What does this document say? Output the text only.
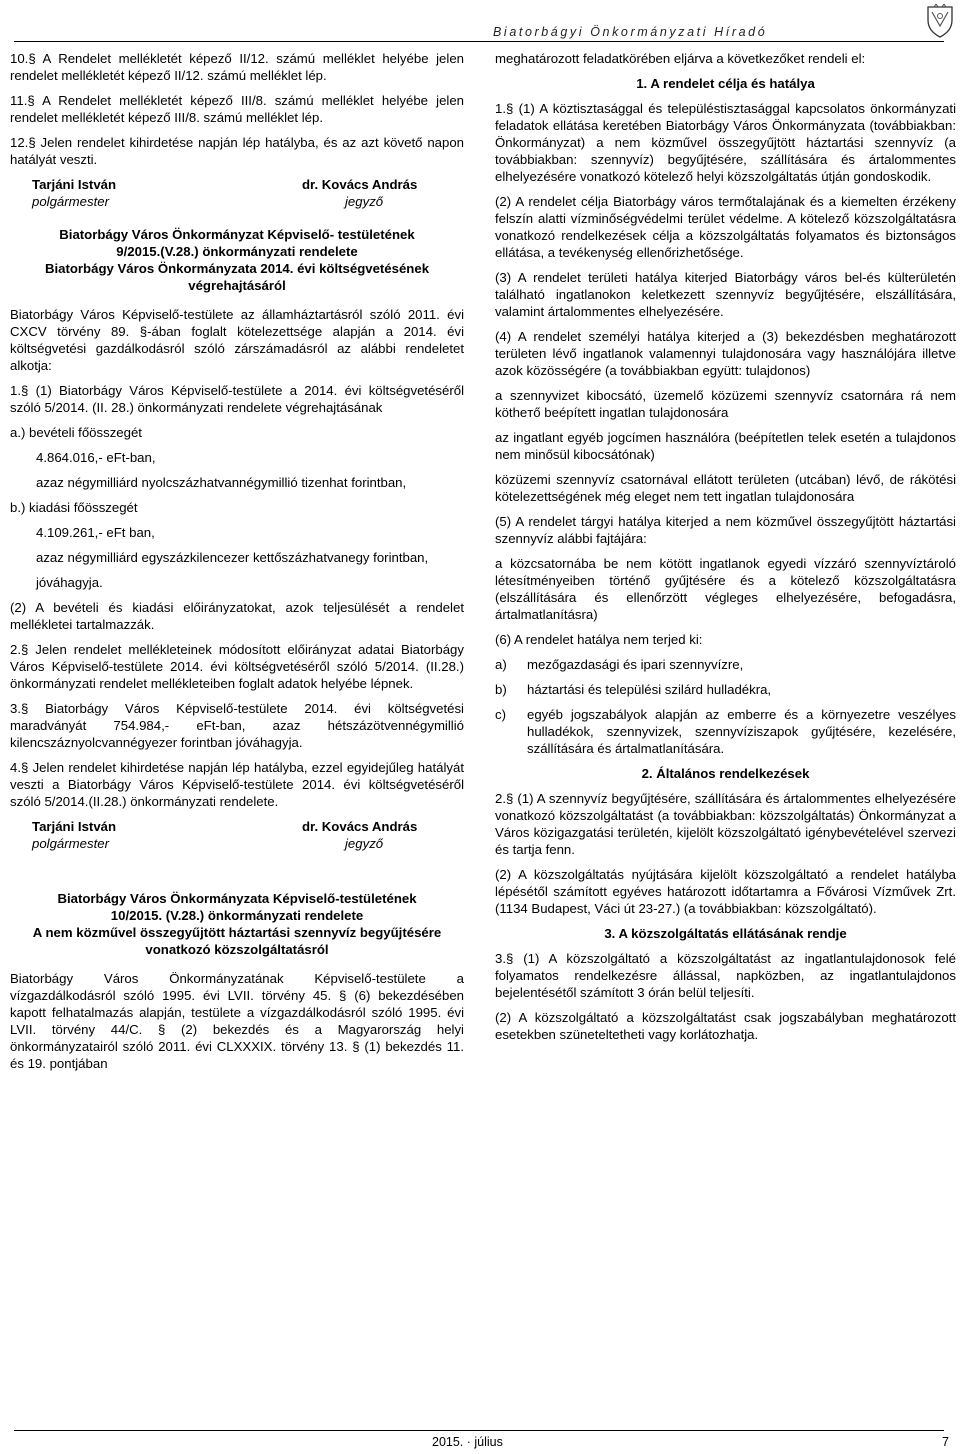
Biatorbágyi Önkormányzati Híradó

10.§ A Rendelet mellékletét képező II/12. számú melléklet helyébe jelen rendelet mellékletét képező II/12. számú melléklet lép.

11.§ A Rendelet mellékletét képező III/8. számú melléklet helyébe jelen rendelet mellékletét képező III/8. számú melléklet lép.

12.§ Jelen rendelet kihirdetése napján lép hatályba, és az azt követő napon hatályát veszti.

Tarjáni István
polgármester
dr. Kovács András
jegyző
Biatorbágy Város Önkormányzat Képviselő- testületének
9/2015.(V.28.) önkormányzati rendelete
Biatorbágy Város Önkormányzata 2014. évi költségvetésének végrehajtásáról

Biatorbágy Város Képviselő-testülete az államháztartásról szóló 2011. évi CXCV törvény 89. §-ában foglalt kötelezettsége alapján a 2014. évi költségvetési gazdálkodásról szóló zárszámadásról az alábbi rendeletet alkotja:

1.§ (1) Biatorbágy Város Képviselő-testülete a 2014. évi költségvetéséről szóló 5/2014. (II. 28.) önkormányzati rendelete végrehajtásának

a.) bevételi főösszegét

4.864.016,- eFt-ban,

azaz négymilliárd nyolcszázhatvannégymillió tizenhat forintban,

b.) kiadási főösszegét

4.109.261,- eFt ban,

azaz négymilliárd egyszázkilencezer kettőszázhatvanegy forintban,

jóváhagyja.

(2) A bevételi és kiadási előirányzatokat, azok teljesülését a rendelet mellékletei tartalmazzák.

2.§ Jelen rendelet mellékleteinek módosított előirányzat adatai Biatorbágy Város Képviselő-testülete 2014. évi költségvetéséről szóló 5/2014. (II.28.) önkormányzati rendelet mellékleteiben foglalt adatok helyébe lépnek.

3.§ Biatorbágy Város Képviselő-testülete 2014. évi költségvetési maradványát 754.984,- eFt-ban, azaz hétszázötvennégymillió kilencszáznyolcvannégyezer forintban jóváhagyja.

4.§ Jelen rendelet kihirdetése napján lép hatályba, ezzel egyidejűleg hatályát veszti a Biatorbágy Város Képviselő-testülete 2014. évi költségvetéséről szóló 5/2014.(II.28.) önkormányzati rendelete.

Tarjáni István
polgármester
dr. Kovács András
jegyző
Biatorbágy Város Önkormányzata Képviselő-testületének
10/2015. (V.28.) önkormányzati rendelete
A nem közművel összegyűjtött háztartási szennyvíz begyűjtésére vonatkozó közszolgáltatásról

Biatorbágy Város Önkormányzatának Képviselő-testülete a vízgazdálkodásról szóló 1995. évi LVII. törvény 45. § (6) bekezdésében kapott felhatalmazás alapján, testülete a vízgazdálkodásról szóló 1995. évi LVII. törvény 44/C. § (2) bekezdés és a Magyarország helyi önkormányzatairól szóló 2011. évi CLXXXIX. törvény 13. § (1) bekezdés 11. és 19. pontjában

meghatározott feladatkörében eljárva a következőket rendeli el:

1. A rendelet célja és hatálya

1.§ (1) A köztisztasággal és településtisztasággal kapcsolatos önkormányzati feladatok ellátása keretében Biatorbágy Város Önkormányzata (továbbiakban: Önkormányzat) a nem közművel összegyűjtött háztartási szennyvíz (a továbbiakban: szennyvíz) begyűjtésére, szállítására és ártalommentes elhelyezésére vonatkozó kötelező helyi közszolgáltatás útján gondoskodik.

(2) A rendelet célja Biatorbágy város termőtalajának és a kiemelten érzékeny felszín alatti vízminőségvédelmi terület védelme. A kötelező közszolgáltatásra vonatkozó rendelkezések célja a közszolgáltatás folyamatos és biztonságos ellátása, a tevékenység ellenőrizhetősége.

(3) A rendelet területi hatálya kiterjed Biatorbágy város bel-és külterületén található ingatlanokon keletkezett szennyvíz begyűjtésére, elszállítására, valamint ártalommentes elhelyezésére.

(4) A rendelet személyi hatálya kiterjed a (3) bekezdésben meghatározott területen lévő ingatlanok valamennyi tulajdonosára vagy használójára illetve azok közösségére (a továbbiakban együtt: tulajdonos)

a szennyvizet kibocsátó, üzemelő közüzemi szennyvíz csatornára rá nem kötheтő beépített ingatlan tulajdonosára

az ingatlant egyéb jogcímen használóra (beépítetlen telek esetén a tulajdonos nem minősül kibocsátónak)

közüzemi szennyvíz csatornával ellátott területen (utcában) lévő, de rákötési kötelezettségének még eleget nem tett ingatlan tulajdonosára

(5) A rendelet tárgyi hatálya kiterjed a nem közművel összegyűjtött háztartási szennyvíz alábbi fajtájára:

a közcsatornába be nem kötött ingatlanok egyedi vízzáró szennyvíztároló létesítményeiben történő gyűjtésére és a kötelező közszolgáltatásra (elszállítására és ellenőrzött végleges elhelyezésére, befogadásra, ártalmatlanításra)

(6) A rendelet hatálya nem terjed ki:

a)	mezőgazdasági és ipari szennyvízre,
b)	háztartási és települési szilárd hulladékra,
c)	egyéb jogszabályok alapján az emberre és a környezetre veszélyes hulladékok, szennyvizek, szennyvíziszapok gyűjtésére, kezelésére, szállítására és ártalmatlanítására.

2. Általános rendelkezések

2.§ (1) A szennyvíz begyűjtésére, szállítására és ártalommentes elhelyezésére vonatkozó közszolgáltatást (a továbbiakban: közszolgáltatás) Önkormányzat a Város közigazgatási területén, kijelölt közszolgáltató igénybevételével szervezi és tartja fenn.

(2) A közszolgáltatás nyújtására kijelölt közszolgáltató a rendelet hatályba lépésétől számított egyéves határozott időtartamra a Fővárosi Vízművek Zrt. (1134 Budapest, Váci út 23-27.) (a továbbiakban: közszolgáltató).

3. A közszolgáltatás ellátásának rendje

3.§ (1) A közszolgáltató a közszolgáltatást az ingatlantulajdonosok felé folyamatos rendelkezésre állással, napközben, az ingatlantulajdonos bejelentésétől számított 3 órán belül teljesíti.

(2) A közszolgáltató a közszolgáltatást csak jogszabályban meghatározott esetekben szüneteltetheti vagy korlátozhatja.

2015. · július	7
